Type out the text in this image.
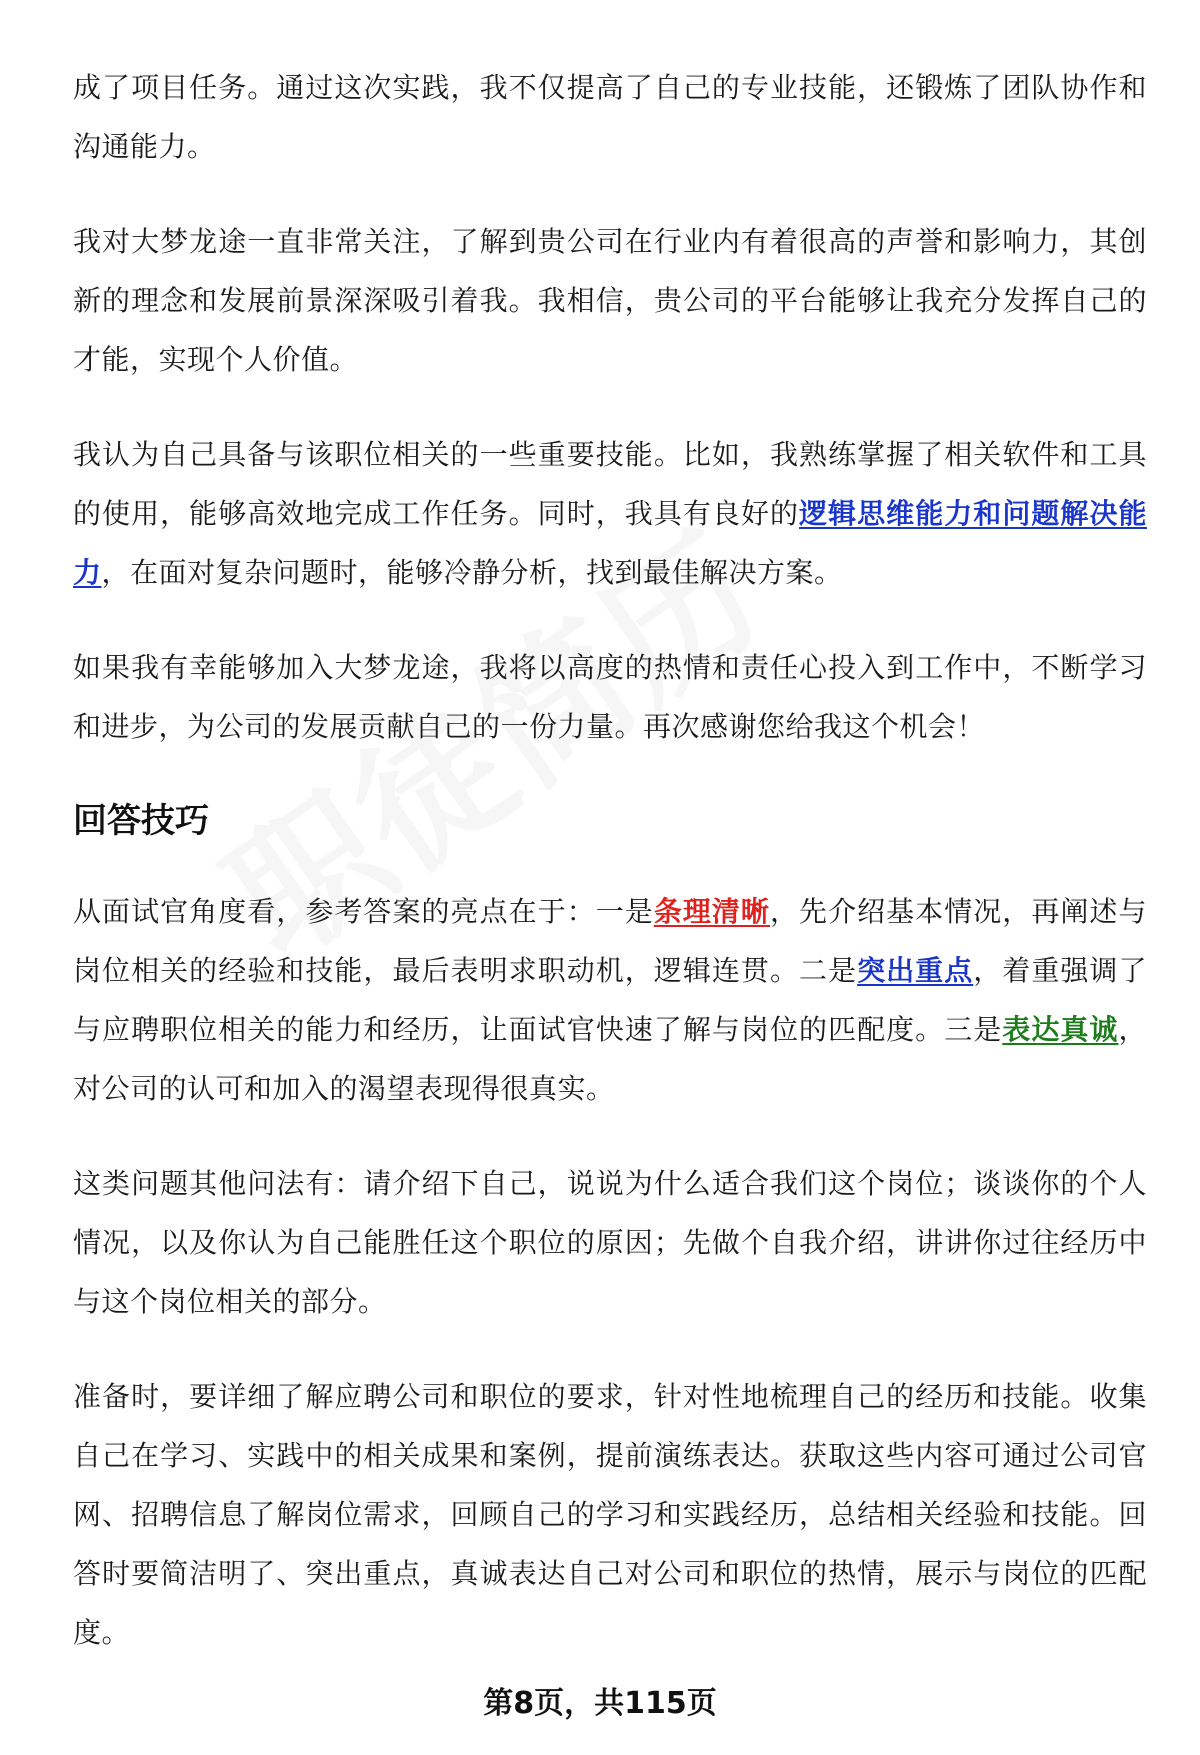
成了项目任务。通过这次实践，我不仅提高了自己的专业技能，还锻炼了团队协作和沟通能力。

我对大梦龙途一直非常关注，了解到贵公司在行业内有着很高的声誉和影响力，其创新的理念和发展前景深深吸引着我。我相信，贵公司的平台能够让我充分发挥自己的才能，实现个人价值。

我认为自己具备与该职位相关的一些重要技能。比如，我熟练掌握了相关软件和工具的使用，能够高效地完成工作任务。同时，我具有良好的逻辑思维能力和问题解决能力，在面对复杂问题时，能够冷静分析，找到最佳解决方案。

如果我有幸能够加入大梦龙途，我将以高度的热情和责任心投入到工作中，不断学习和进步，为公司的发展贡献自己的一份力量。再次感谢您给我这个机会！

回答技巧

从面试官角度看，参考答案的亮点在于：一是条理清晰，先介绍基本情况，再阐述与岗位相关的经验和技能，最后表明求职动机，逻辑连贯。二是突出重点，着重强调了与应聘职位相关的能力和经历，让面试官快速了解与岗位的匹配度。三是表达真诚，对公司的认可和加入的渴望表现得很真实。

这类问题其他问法有：请介绍下自己，说说为什么适合我们这个岗位；谈谈你的个人情况，以及你认为自己能胜任这个职位的原因；先做个自我介绍，讲讲你过往经历中与这个岗位相关的部分。

准备时，要详细了解应聘公司和职位的要求，针对性地梳理自己的经历和技能。收集自己在学习、实践中的相关成果和案例，提前演练表达。获取这些内容可通过公司官网、招聘信息了解岗位需求，回顾自己的学习和实践经历，总结相关经验和技能。回答时要简洁明了、突出重点，真诚表达自己对公司和职位的热情，展示与岗位的匹配度。

第8页，共115页
